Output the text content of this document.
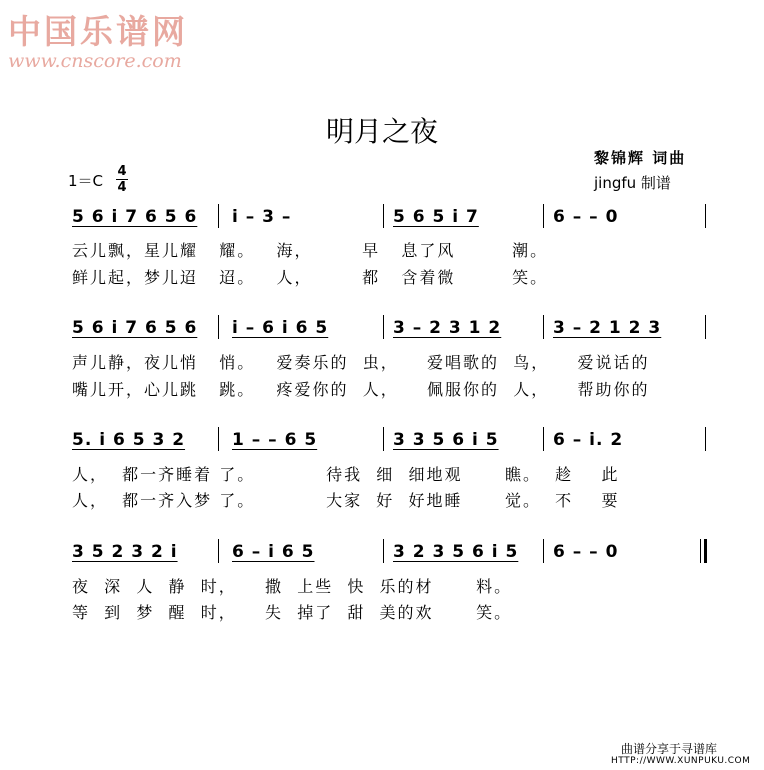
中国乐谱网
www.cnscore.com
明月之夜
黎锦辉 词曲
jingfu 制谱
1＝C
4
4
5 6 i 7 6 5 6 i – 3 –	5 6 5 i 7	6 – – 0
云儿飘，星儿耀   耀。   海，       早   息了风        潮。
鲜儿起，梦儿迢   迢。   人，       都   含着微        笑。
5 6 i 7 6 5 6 i – 6 i 6 5	3 – 2 3 1 2	3 – 2 1 2 3
声儿静，夜儿悄   悄。   爱奏乐的  虫，    爱唱歌的  鸟，    爱说话的
嘴儿开，心儿跳   跳。   疼爱你的  人，    佩服你的  人，    帮助你的
5. i 6 5 3 2	1 – – 6 5	3 3 5 6 i 5	6 – i. 2
人，  都一齐睡着 了。          待我  细  细地观      瞧。  趁    此
人，  都一齐入梦 了。          大家  好  好地睡      觉。  不    要
3 5 2 3 2 i	6 – i 6 5	3 2 3 5 6 i 5 6 – – 0
夜  深  人  静  时，    撒  上些  快  乐的材      料。
等  到  梦  醒  时，    失  掉了  甜  美的欢      笑。
曲谱分享于寻谱库
HTTP://WWW.XUNPUKU.COM
